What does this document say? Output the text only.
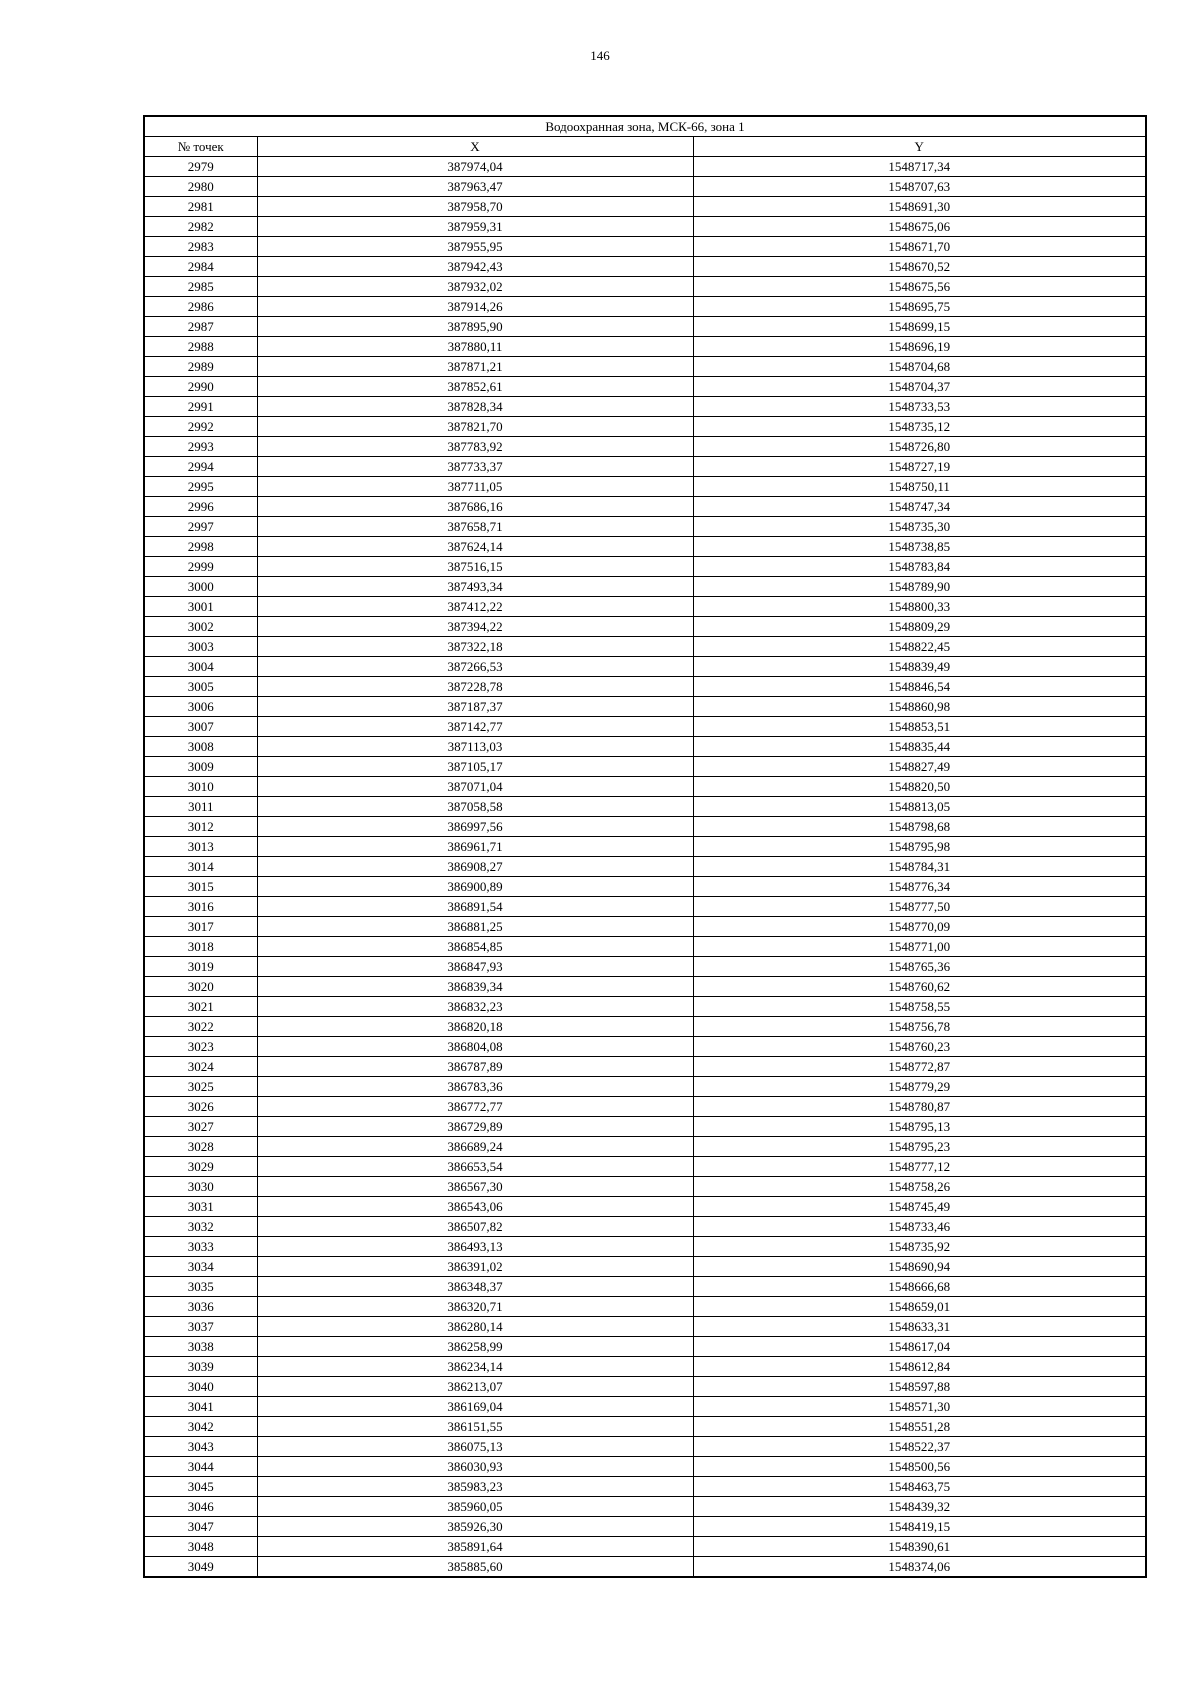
146
Водоохранная зона, МСК-66, зона 1		
№ точек	X	Y
2979	387974,04	1548717,34
2980	387963,47	1548707,63
2981	387958,70	1548691,30
2982	387959,31	1548675,06
2983	387955,95	1548671,70
2984	387942,43	1548670,52
2985	387932,02	1548675,56
2986	387914,26	1548695,75
2987	387895,90	1548699,15
2988	387880,11	1548696,19
2989	387871,21	1548704,68
2990	387852,61	1548704,37
2991	387828,34	1548733,53
2992	387821,70	1548735,12
2993	387783,92	1548726,80
2994	387733,37	1548727,19
2995	387711,05	1548750,11
2996	387686,16	1548747,34
2997	387658,71	1548735,30
2998	387624,14	1548738,85
2999	387516,15	1548783,84
3000	387493,34	1548789,90
3001	387412,22	1548800,33
3002	387394,22	1548809,29
3003	387322,18	1548822,45
3004	387266,53	1548839,49
3005	387228,78	1548846,54
3006	387187,37	1548860,98
3007	387142,77	1548853,51
3008	387113,03	1548835,44
3009	387105,17	1548827,49
3010	387071,04	1548820,50
3011	387058,58	1548813,05
3012	386997,56	1548798,68
3013	386961,71	1548795,98
3014	386908,27	1548784,31
3015	386900,89	1548776,34
3016	386891,54	1548777,50
3017	386881,25	1548770,09
3018	386854,85	1548771,00
3019	386847,93	1548765,36
3020	386839,34	1548760,62
3021	386832,23	1548758,55
3022	386820,18	1548756,78
3023	386804,08	1548760,23
3024	386787,89	1548772,87
3025	386783,36	1548779,29
3026	386772,77	1548780,87
3027	386729,89	1548795,13
3028	386689,24	1548795,23
3029	386653,54	1548777,12
3030	386567,30	1548758,26
3031	386543,06	1548745,49
3032	386507,82	1548733,46
3033	386493,13	1548735,92
3034	386391,02	1548690,94
3035	386348,37	1548666,68
3036	386320,71	1548659,01
3037	386280,14	1548633,31
3038	386258,99	1548617,04
3039	386234,14	1548612,84
3040	386213,07	1548597,88
3041	386169,04	1548571,30
3042	386151,55	1548551,28
3043	386075,13	1548522,37
3044	386030,93	1548500,56
3045	385983,23	1548463,75
3046	385960,05	1548439,32
3047	385926,30	1548419,15
3048	385891,64	1548390,61
3049	385885,60	1548374,06
